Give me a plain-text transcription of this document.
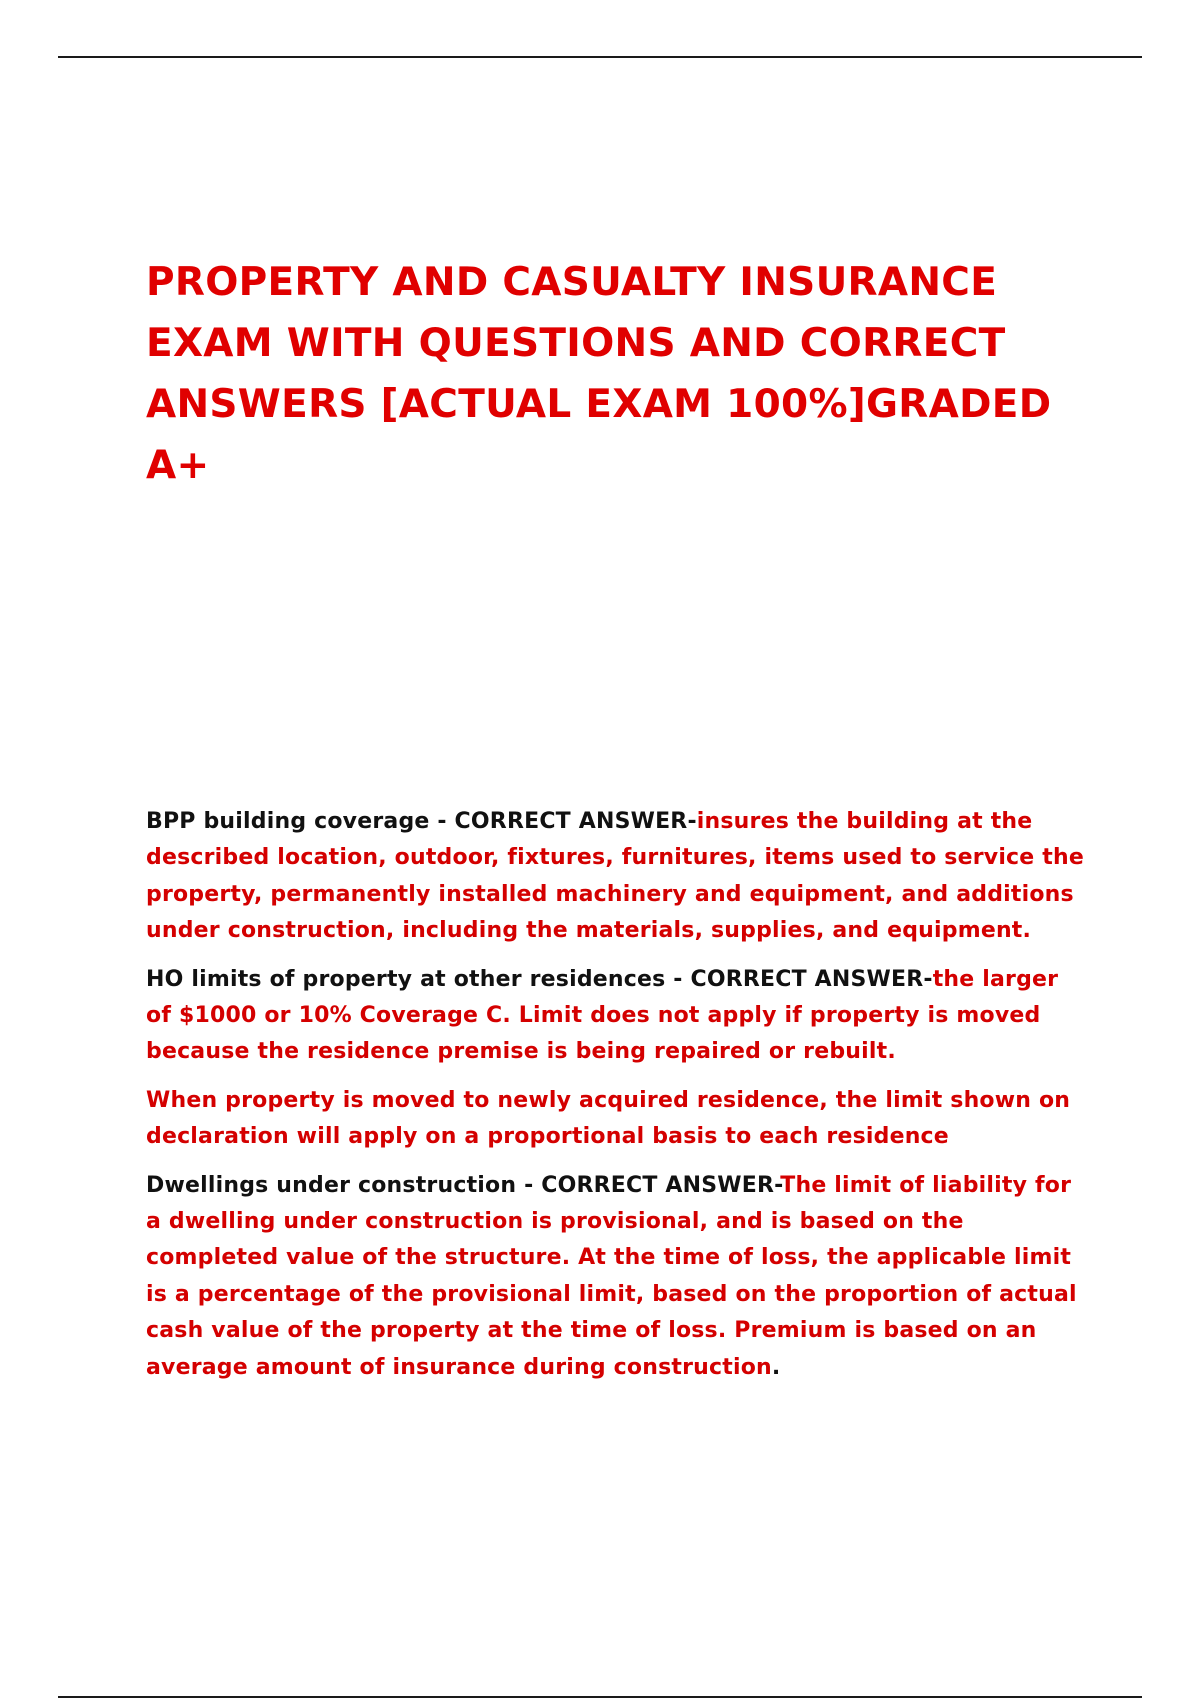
PROPERTY AND CASUALTY INSURANCE EXAM WITH QUESTIONS AND CORRECT ANSWERS [ACTUAL EXAM 100%]GRADED A+

BPP building coverage - CORRECT ANSWER-insures the building at the described location, outdoor, fixtures, furnitures, items used to service the property, permanently installed machinery and equipment, and additions under construction, including the materials, supplies, and equipment.

HO limits of property at other residences - CORRECT ANSWER-the larger of $1000 or 10% Coverage C. Limit does not apply if property is moved because the residence premise is being repaired or rebuilt.

When property is moved to newly acquired residence, the limit shown on declaration will apply on a proportional basis to each residence

Dwellings under construction - CORRECT ANSWER-The limit of liability for a dwelling under construction is provisional, and is based on the completed value of the structure. At the time of loss, the applicable limit is a percentage of the provisional limit, based on the proportion of actual cash value of the property at the time of loss. Premium is based on an average amount of insurance during construction.
